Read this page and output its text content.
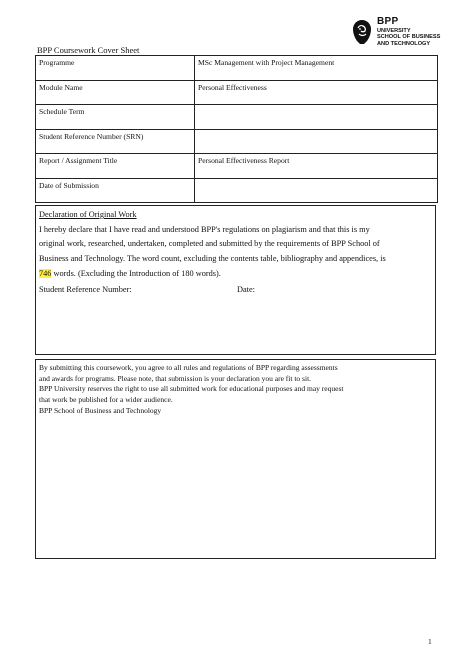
BPP
UNIVERSITY
SCHOOL OF BUSINESS
AND TECHNOLOGY
BPP Coursework Cover Sheet
Programme	MSc Management with Project Management
Module Name	Personal Effectiveness
Schedule Term	
Student Reference Number (SRN)	
Report / Assignment Title	Personal Effectiveness Report
Date of Submission	
Declaration of Original Work
I hereby declare that I have read and understood BPP's regulations on plagiarism and that this is my
original work, researched, undertaken, completed and submitted by the requirements of BPP School of
Business and Technology. The word count, excluding the contents table, bibliography and appendices, is
746 words. (Excluding the Introduction of 180 words).
Student Reference Number:	Date:
By submitting this coursework, you agree to all rules and regulations of BPP regarding assessments
and awards for programs. Please note, that submission is your declaration you are fit to sit.
BPP University reserves the right to use all submitted work for educational purposes and may request
that work be published for a wider audience.
BPP School of Business and Technology
1
